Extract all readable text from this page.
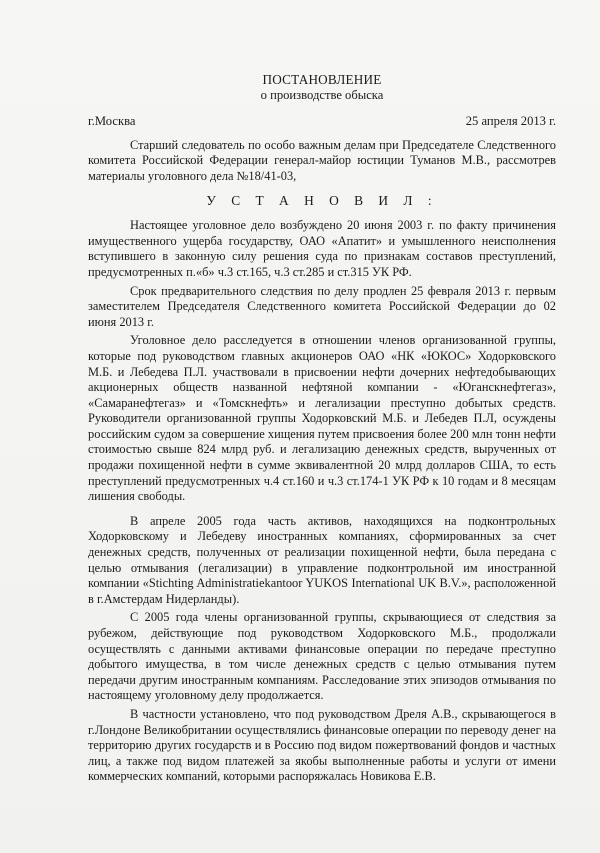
ПОСТАНОВЛЕНИЕ
о производстве обыска
г.Москва	25 апреля 2013 г.

Старший следователь по особо важным делам при Председателе Следственного комитета Российской Федерации генерал-майор юстиции Туманов М.В., рассмотрев материалы уголовного дела №18/41-03,

У С Т А Н О В И Л :

Настоящее уголовное дело возбуждено 20 июня 2003 г. по факту причинения имущественного ущерба государству, ОАО «Апатит» и умышленного неисполнения вступившего в законную силу решения суда по признакам составов преступлений, предусмотренных п.«б» ч.3 ст.165, ч.3 ст.285 и ст.315 УК РФ.

Срок предварительного следствия по делу продлен 25 февраля 2013 г. первым заместителем Председателя Следственного комитета Российской Федерации до 02 июня 2013 г.

Уголовное дело расследуется в отношении членов организованной группы, которые под руководством главных акционеров ОАО «НК «ЮКОС» Ходорковского М.Б. и Лебедева П.Л. участвовали в присвоении нефти дочерних нефтедобывающих акционерных обществ названной нефтяной компании - «Юганскнефтегаз», «Самаранефтегаз» и «Томскнефть» и легализации преступно добытых средств. Руководители организованной группы Ходорковский М.Б. и Лебедев П.Л, осуждены российским судом за совершение хищения путем присвоения более 200 млн тонн нефти стоимостью свыше 824 млрд руб. и легализацию денежных средств, вырученных от продажи похищенной нефти в сумме эквивалентной 20 млрд долларов США, то есть преступлений предусмотренных ч.4 ст.160 и ч.3 ст.174-1 УК РФ к 10 годам и 8 месяцам лишения свободы.

В апреле 2005 года часть активов, находящихся на подконтрольных Ходорковскому и Лебедеву иностранных компаниях, сформированных за счет денежных средств, полученных от реализации похищенной нефти, была передана с целью отмывания (легализации) в управление подконтрольной им иностранной компании «Stichting Administratiekantoor YUKOS International UK B.V.», расположенной в г.Амстердам Нидерланды).

С 2005 года члены организованной группы, скрывающиеся от следствия за рубежом, действующие под руководством Ходорковского М.Б., продолжали осуществлять с данными активами финансовые операции по передаче преступно добытого имущества, в том числе денежных средств с целью отмывания путем передачи другим иностранным компаниям. Расследование этих эпизодов отмывания по настоящему уголовному делу продолжается.

В частности установлено, что под руководством Дреля А.В., скрывающегося в г.Лондоне Великобритании осуществлялись финансовые операции по переводу денег на территорию других государств и в Россию под видом пожертвований фондов и частных лиц, а также под видом платежей за якобы выполненные работы и услуги от имени коммерческих компаний, которыми распоряжалась Новикова Е.В.
